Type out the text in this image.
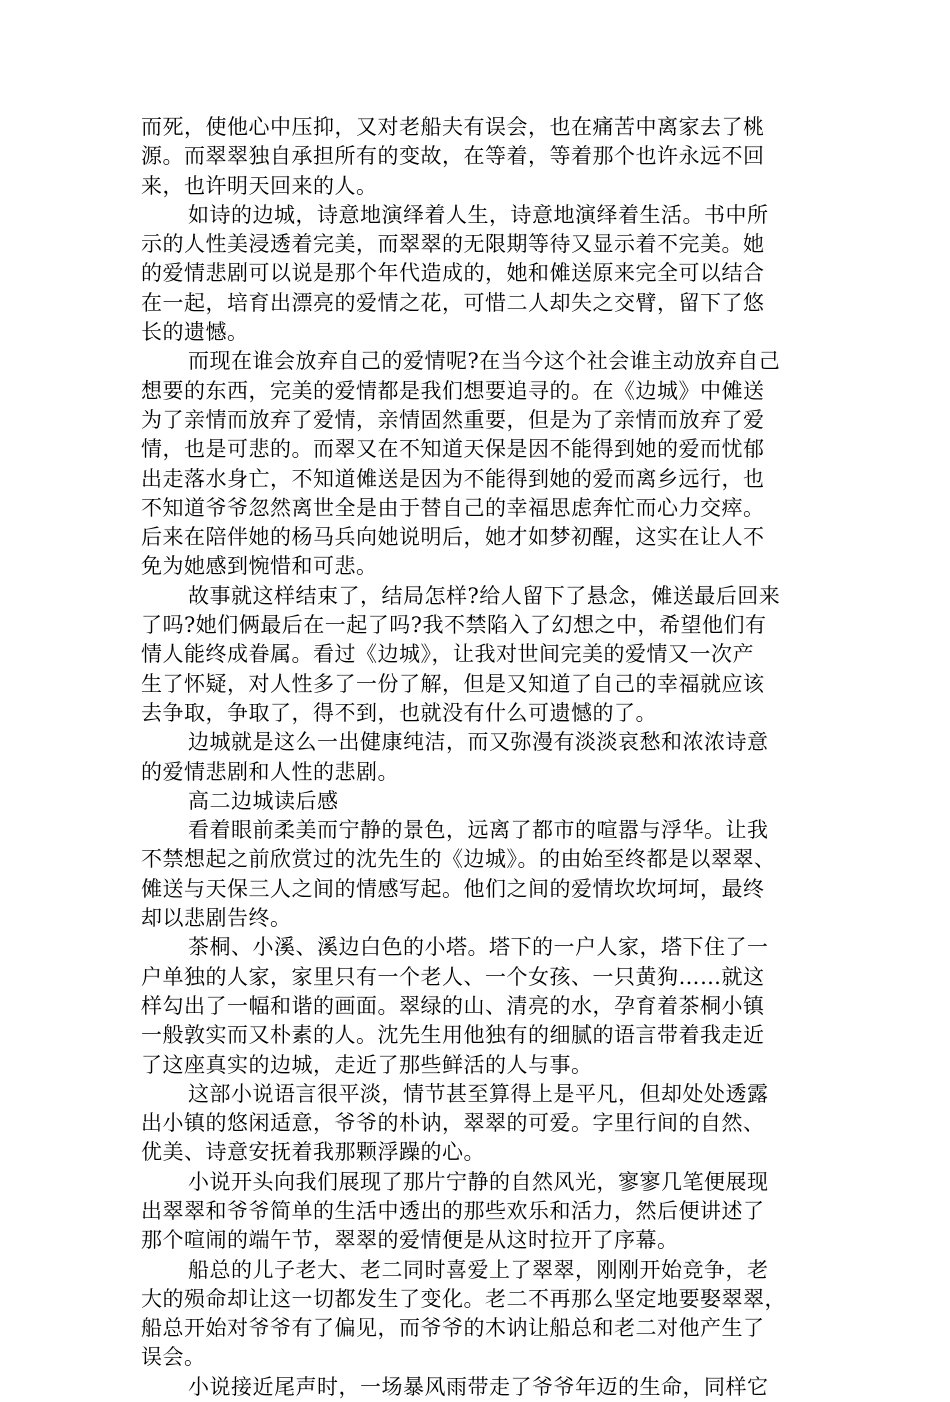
而死，使他心中压抑，又对老船夫有误会，也在痛苦中离家去了桃
源。而翠翠独自承担所有的变故，在等着，等着那个也许永远不回
来，也许明天回来的人。
如诗的边城，诗意地演绎着人生，诗意地演绎着生活。书中所
示的人性美浸透着完美，而翠翠的无限期等待又显示着不完美。她
的爱情悲剧可以说是那个年代造成的，她和傩送原来完全可以结合
在一起，培育出漂亮的爱情之花，可惜二人却失之交臂，留下了悠
长的遗憾。
而现在谁会放弃自己的爱情呢?在当今这个社会谁主动放弃自己
想要的东西，完美的爱情都是我们想要追寻的。在《边城》中傩送
为了亲情而放弃了爱情，亲情固然重要，但是为了亲情而放弃了爱
情，也是可悲的。而翠又在不知道天保是因不能得到她的爱而忧郁
出走落水身亡，不知道傩送是因为不能得到她的爱而离乡远行，也
不知道爷爷忽然离世全是由于替自己的幸福思虑奔忙而心力交瘁。
后来在陪伴她的杨马兵向她说明后，她才如梦初醒，这实在让人不
免为她感到惋惜和可悲。
故事就这样结束了，结局怎样?给人留下了悬念，傩送最后回来
了吗?她们俩最后在一起了吗?我不禁陷入了幻想之中，希望他们有
情人能终成眷属。看过《边城》，让我对世间完美的爱情又一次产
生了怀疑，对人性多了一份了解，但是又知道了自己的幸福就应该
去争取，争取了，得不到，也就没有什么可遗憾的了。
边城就是这么一出健康纯洁，而又弥漫有淡淡哀愁和浓浓诗意
的爱情悲剧和人性的悲剧。
高二边城读后感
看着眼前柔美而宁静的景色，远离了都市的喧嚣与浮华。让我
不禁想起之前欣赏过的沈先生的《边城》。的由始至终都是以翠翠、
傩送与天保三人之间的情感写起。他们之间的爱情坎坎坷坷，最终
却以悲剧告终。
茶桐、小溪、溪边白色的小塔。塔下的一户人家，塔下住了一
户单独的人家，家里只有一个老人、一个女孩、一只黄狗……就这
样勾出了一幅和谐的画面。翠绿的山、清亮的水，孕育着茶桐小镇
一般敦实而又朴素的人。沈先生用他独有的细腻的语言带着我走近
了这座真实的边城，走近了那些鲜活的人与事。
这部小说语言很平淡，情节甚至算得上是平凡，但却处处透露
出小镇的悠闲适意，爷爷的朴讷，翠翠的可爱。字里行间的自然、
优美、诗意安抚着我那颗浮躁的心。
小说开头向我们展现了那片宁静的自然风光，寥寥几笔便展现
出翠翠和爷爷简单的生活中透出的那些欢乐和活力，然后便讲述了
那个喧闹的端午节，翠翠的爱情便是从这时拉开了序幕。
船总的儿子老大、老二同时喜爱上了翠翠，刚刚开始竞争，老
大的殒命却让这一切都发生了变化。老二不再那么坚定地要娶翠翠，
船总开始对爷爷有了偏见，而爷爷的木讷让船总和老二对他产生了
误会。
小说接近尾声时，一场暴风雨带走了爷爷年迈的生命，同样它
